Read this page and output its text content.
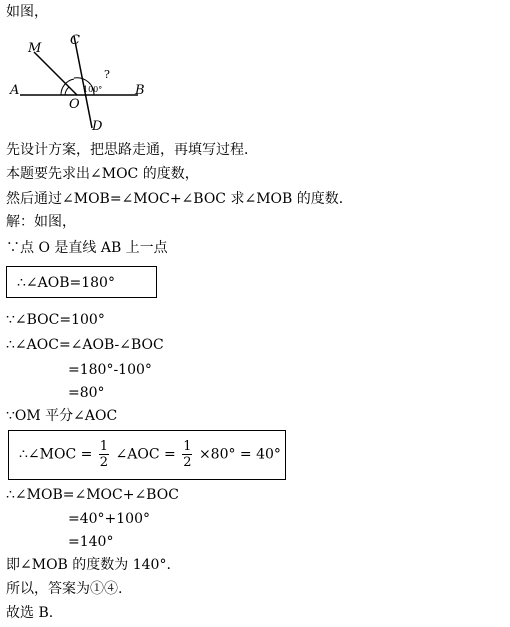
如图，
A	B
C
D
M
O
100°
?
先设计方案，把思路走通，再填写过程．
本题要先求出∠MOC 的度数，
然后通过∠MOB=∠MOC+∠BOC 求∠MOB 的度数．
解：如图，
∵点 O 是直线 AB 上一点
∴∠AOB=180°
∵∠BOC=100°
∴∠AOC=∠AOB-∠BOC
=180°-100°
=80°
∵OM 平分∠AOC
∴∠MOC = $\frac{1}{2}$ ∠AOC = $\frac{1}{2} \times 80^\circ = 40^\circ$
∴∠MOB=∠MOC+∠BOC
=40°+100°
=140°
即∠MOB 的度数为 140°.
所以，答案为①④.
故选 B.
